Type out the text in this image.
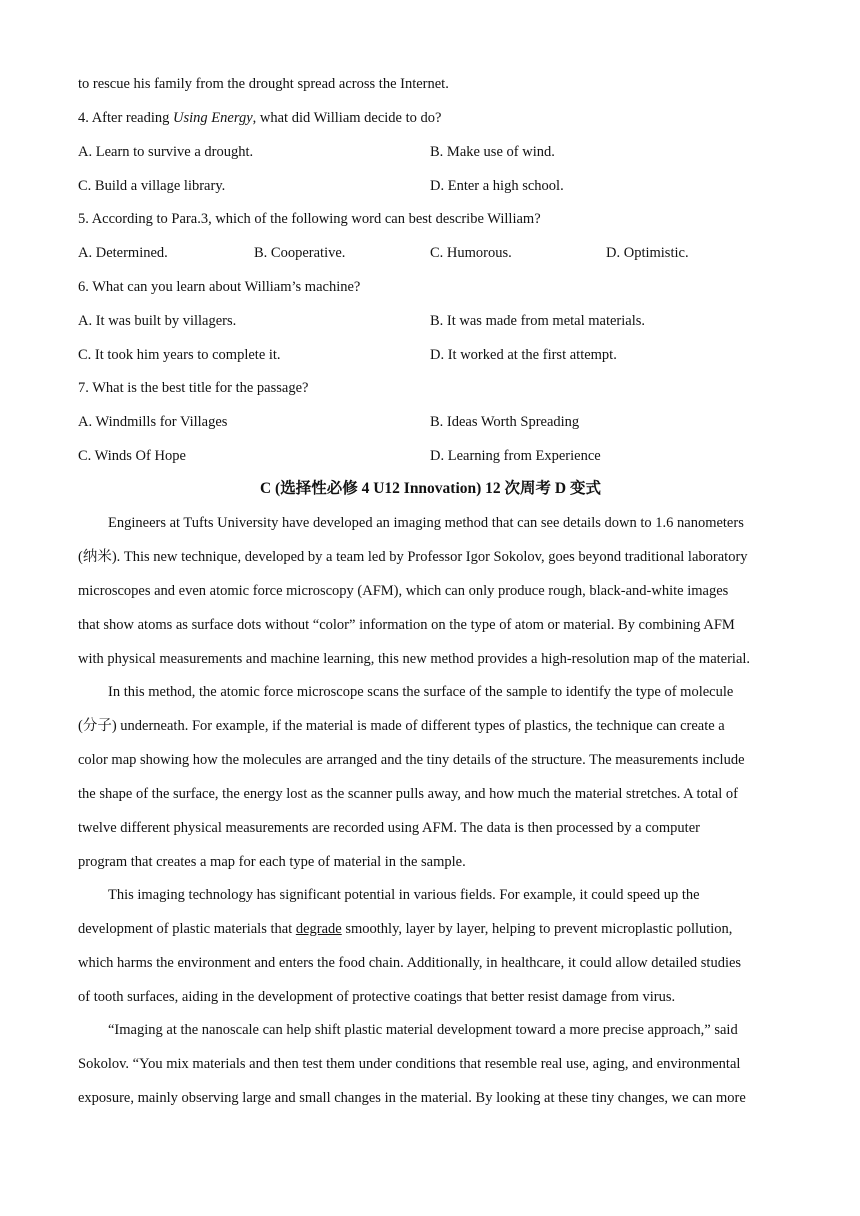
to rescue his family from the drought spread across the Internet.
4. After reading Using Energy, what did William decide to do?
A. Learn to survive a drought.	B. Make use of wind.
C. Build a village library.	D. Enter a high school.
5. According to Para.3, which of the following word can best describe William?
A. Determined.	B. Cooperative.	C. Humorous.	D. Optimistic.
6. What can you learn about William’s machine?
A. It was built by villagers.	B. It was made from metal materials.
C. It took him years to complete it.	D. It worked at the first attempt.
7. What is the best title for the passage?
A. Windmills for Villages	B. Ideas Worth Spreading
C. Winds Of Hope	D. Learning from Experience
C (选择性必修 4 U12 Innovation) 12 次周考 D 变式
Engineers at Tufts University have developed an imaging method that can see details down to 1.6 nanometers
(纳米). This new technique, developed by a team led by Professor Igor Sokolov, goes beyond traditional laboratory
microscopes and even atomic force microscopy (AFM), which can only produce rough, black-and-white images
that show atoms as surface dots without “color” information on the type of atom or material. By combining AFM
with physical measurements and machine learning, this new method provides a high-resolution map of the material.
In this method, the atomic force microscope scans the surface of the sample to identify the type of molecule
(分子) underneath. For example, if the material is made of different types of plastics, the technique can create a
color map showing how the molecules are arranged and the tiny details of the structure. The measurements include
the shape of the surface, the energy lost as the scanner pulls away, and how much the material stretches. A total of
twelve different physical measurements are recorded using AFM. The data is then processed by a computer
program that creates a map for each type of material in the sample.
This imaging technology has significant potential in various fields. For example, it could speed up the
development of plastic materials that degrade smoothly, layer by layer, helping to prevent microplastic pollution,
which harms the environment and enters the food chain. Additionally, in healthcare, it could allow detailed studies
of tooth surfaces, aiding in the development of protective coatings that better resist damage from virus.
“Imaging at the nanoscale can help shift plastic material development toward a more precise approach,” said
Sokolov. “You mix materials and then test them under conditions that resemble real use, aging, and environmental
exposure, mainly observing large and small changes in the material. By looking at these tiny changes, we can more
